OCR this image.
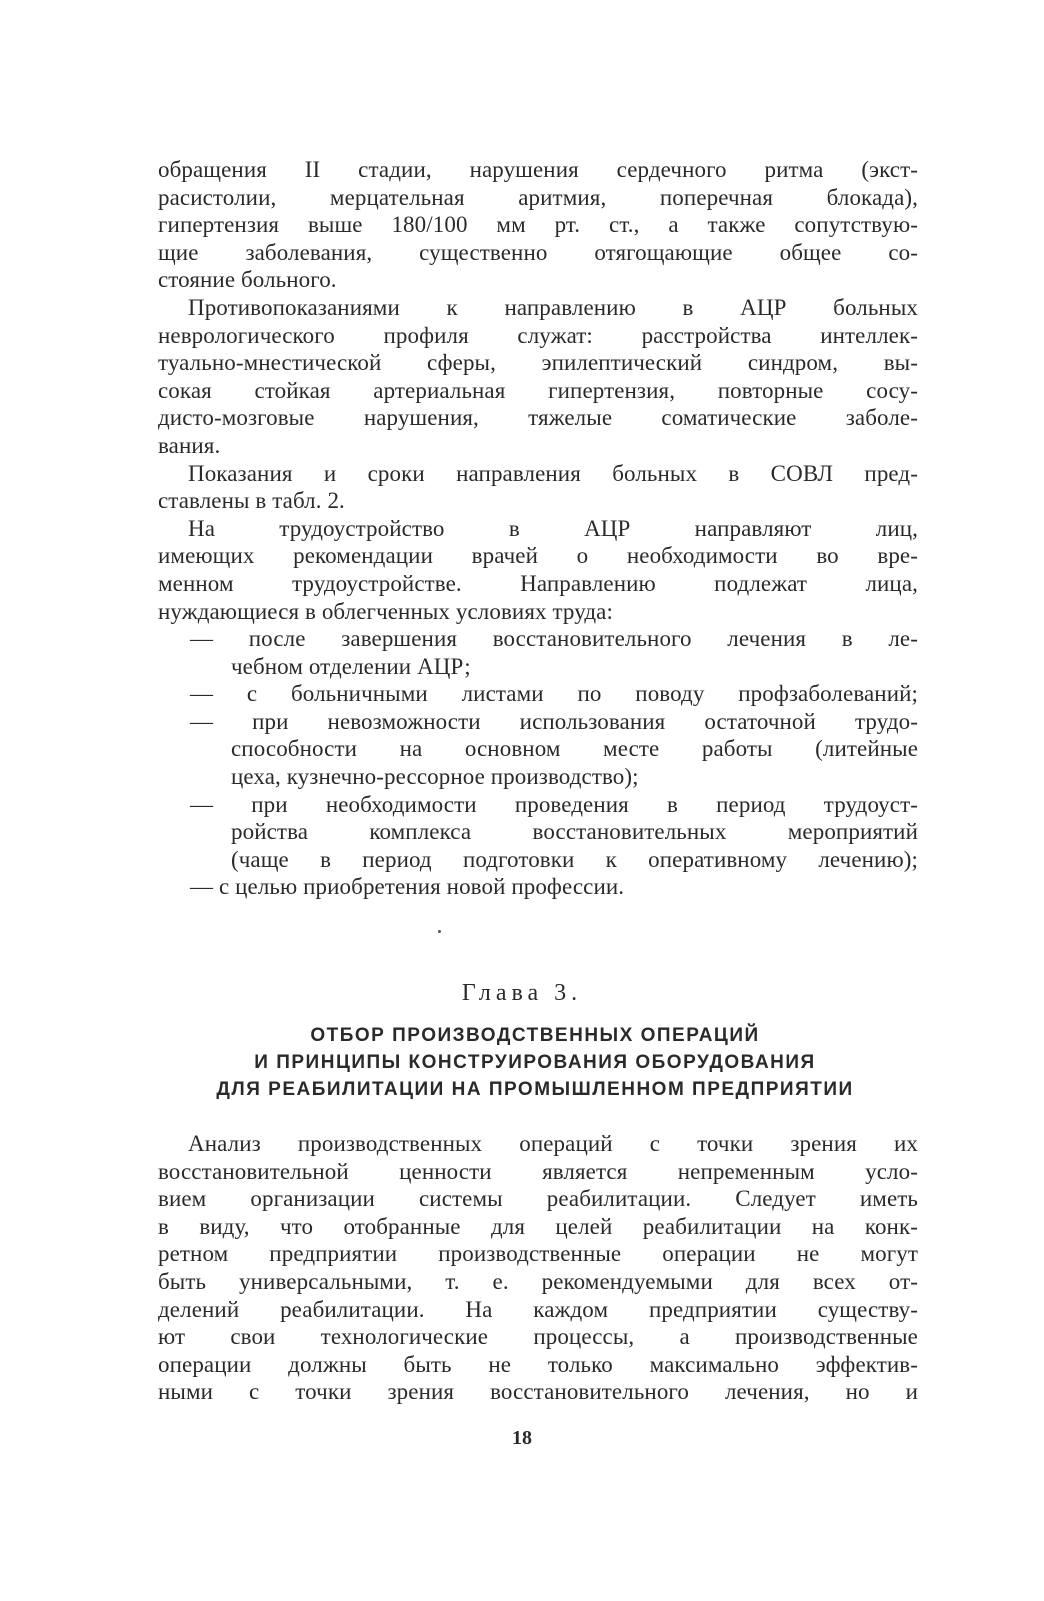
обращения II стадии, нарушения сердечного ритма (экст-
расистолии, мерцательная аритмия, поперечная блокада),
гипертензия выше 180/100 мм рт. ст., а также сопутствую-
щие заболевания, существенно отягощающие общее со-
стояние больного.
Противопоказаниями к направлению в АЦР больных
неврологического профиля служат: расстройства интеллек-
туально-мнестической сферы, эпилептический синдром, вы-
сокая стойкая артериальная гипертензия, повторные сосу-
дисто-мозговые нарушения, тяжелые соматические заболе-
вания.
Показания и сроки направления больных в СОВЛ пред-
ставлены в табл. 2.
На трудоустройство в АЦР направляют лиц,
имеющих рекомендации врачей о необходимости во вре-
менном трудоустройстве. Направлению подлежат лица,
нуждающиеся в облегченных условиях труда:
— после завершения восстановительного лечения в ле-
чебном отделении АЦР;
— с больничными листами по поводу профзаболеваний;
— при невозможности использования остаточной трудо-
способности на основном месте работы (литейные
цеха, кузнечно-рессорное производство);
— при необходимости проведения в период трудоуст-
ройства комплекса восстановительных мероприятий
(чаще в период подготовки к оперативному лечению);
— с целью приобретения новой профессии.
Глава 3.
ОТБОР ПРОИЗВОДСТВЕННЫХ ОПЕРАЦИЙ
И ПРИНЦИПЫ КОНСТРУИРОВАНИЯ ОБОРУДОВАНИЯ
ДЛЯ РЕАБИЛИТАЦИИ НА ПРОМЫШЛЕННОМ ПРЕДПРИЯТИИ
Анализ производственных операций с точки зрения их
восстановительной ценности является непременным усло-
вием организации системы реабилитации. Следует иметь
в виду, что отобранные для целей реабилитации на конк-
ретном предприятии производственные операции не могут
быть универсальными, т. е. рекомендуемыми для всех от-
делений реабилитации. На каждом предприятии существу-
ют свои технологические процессы, а производственные
операции должны быть не только максимально эффектив-
ными с точки зрения восстановительного лечения, но и
18
